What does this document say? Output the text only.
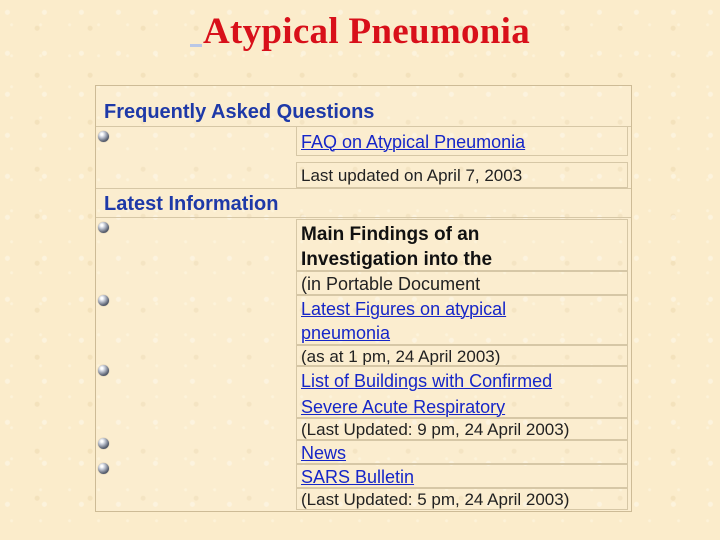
Atypical Pneumonia
Frequently Asked Questions
FAQ on Atypical Pneumonia
Last updated on April 7, 2003
Latest Information
Main Findings of an
Investigation into the
(in Portable Document
Latest Figures on atypical
pneumonia
(as at 1 pm, 24 April 2003)
List of Buildings with Confirmed
Severe Acute Respiratory
(Last Updated: 9 pm, 24 April 2003)
News
SARS Bulletin
(Last Updated: 5 pm, 24 April 2003)
